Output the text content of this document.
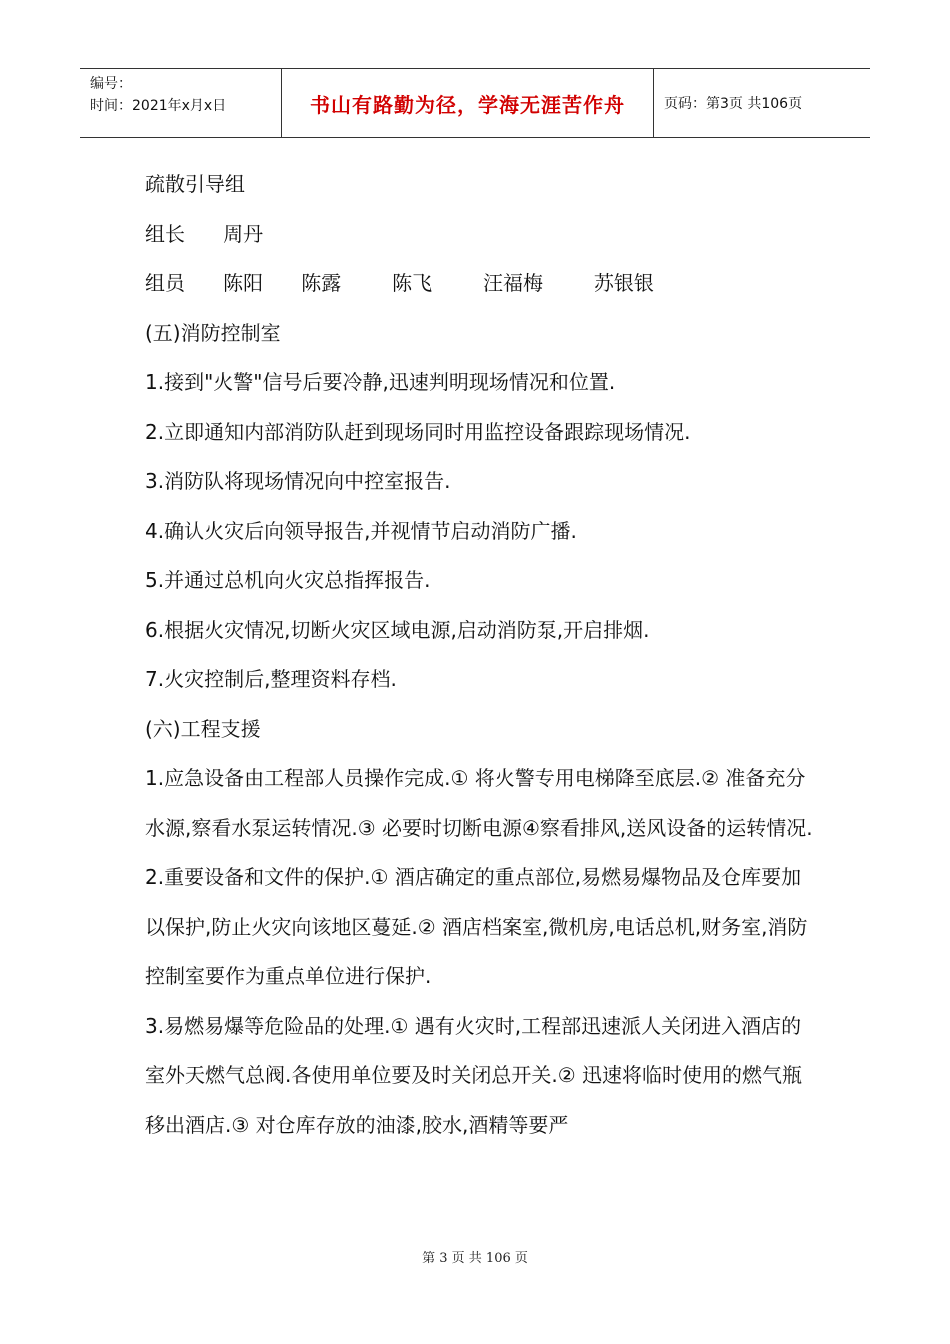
编号：
时间：2021年x月x日	书山有路勤为径，学海无涯苦作舟	页码：第3页 共106页

疏散引导组

组长      周丹

组员      陈阳      陈露        陈飞        汪福梅        苏银银

(五)消防控制室

1.接到"火警"信号后要冷静,迅速判明现场情况和位置.

2.立即通知内部消防队赶到现场同时用监控设备跟踪现场情况.

3.消防队将现场情况向中控室报告.

4.确认火灾后向领导报告,并视情节启动消防广播.

5.并通过总机向火灾总指挥报告.

6.根据火灾情况,切断火灾区域电源,启动消防泵,开启排烟.

7.火灾控制后,整理资料存档.

(六)工程支援

1.应急设备由工程部人员操作完成.① 将火警专用电梯降至底层.② 准备充分水源,察看水泵运转情况.③ 必要时切断电源④察看排风,送风设备的运转情况.

2.重要设备和文件的保护.① 酒店确定的重点部位,易燃易爆物品及仓库要加以保护,防止火灾向该地区蔓延.② 酒店档案室,微机房,电话总机,财务室,消防控制室要作为重点单位进行保护.

3.易燃易爆等危险品的处理.① 遇有火灾时,工程部迅速派人关闭进入酒店的室外天燃气总阀.各使用单位要及时关闭总开关.② 迅速将临时使用的燃气瓶移出酒店.③ 对仓库存放的油漆,胶水,酒精等要严

第 3 页 共 106 页
